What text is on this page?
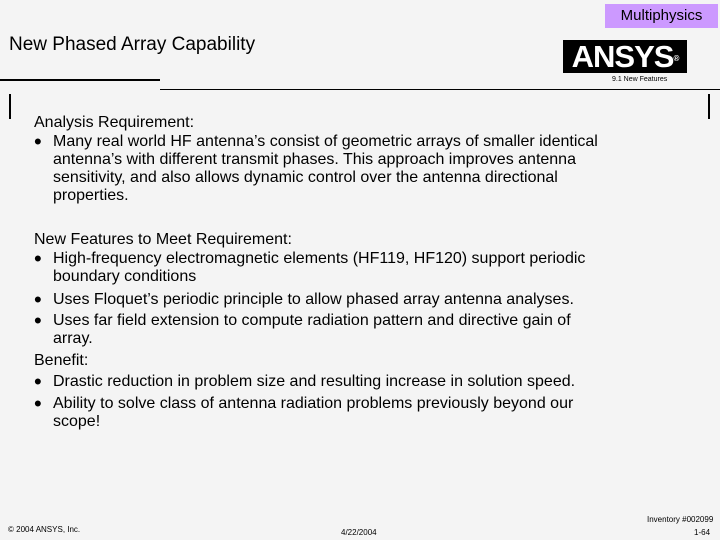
Multiphysics
New Phased Array Capability	ANSYS®
9.1 New Features
Analysis Requirement:
• Many real world HF antenna’s consist of geometric arrays of smaller identical
antenna’s with different transmit phases. This approach improves antenna
sensitivity, and also allows dynamic control over the antenna directional
properties.
New Features to Meet Requirement:
• High-frequency electromagnetic elements (HF119, HF120) support periodic
boundary conditions
• Uses Floquet’s periodic principle to allow phased array antenna analyses.
• Uses far field extension to compute radiation pattern and directive gain of
array.
Benefit:
• Drastic reduction in problem size and resulting increase in solution speed.
• Ability to solve class of antenna radiation problems previously beyond our
scope!
© 2004 ANSYS, Inc.	4/22/2004
Inventory #002099
1-64
